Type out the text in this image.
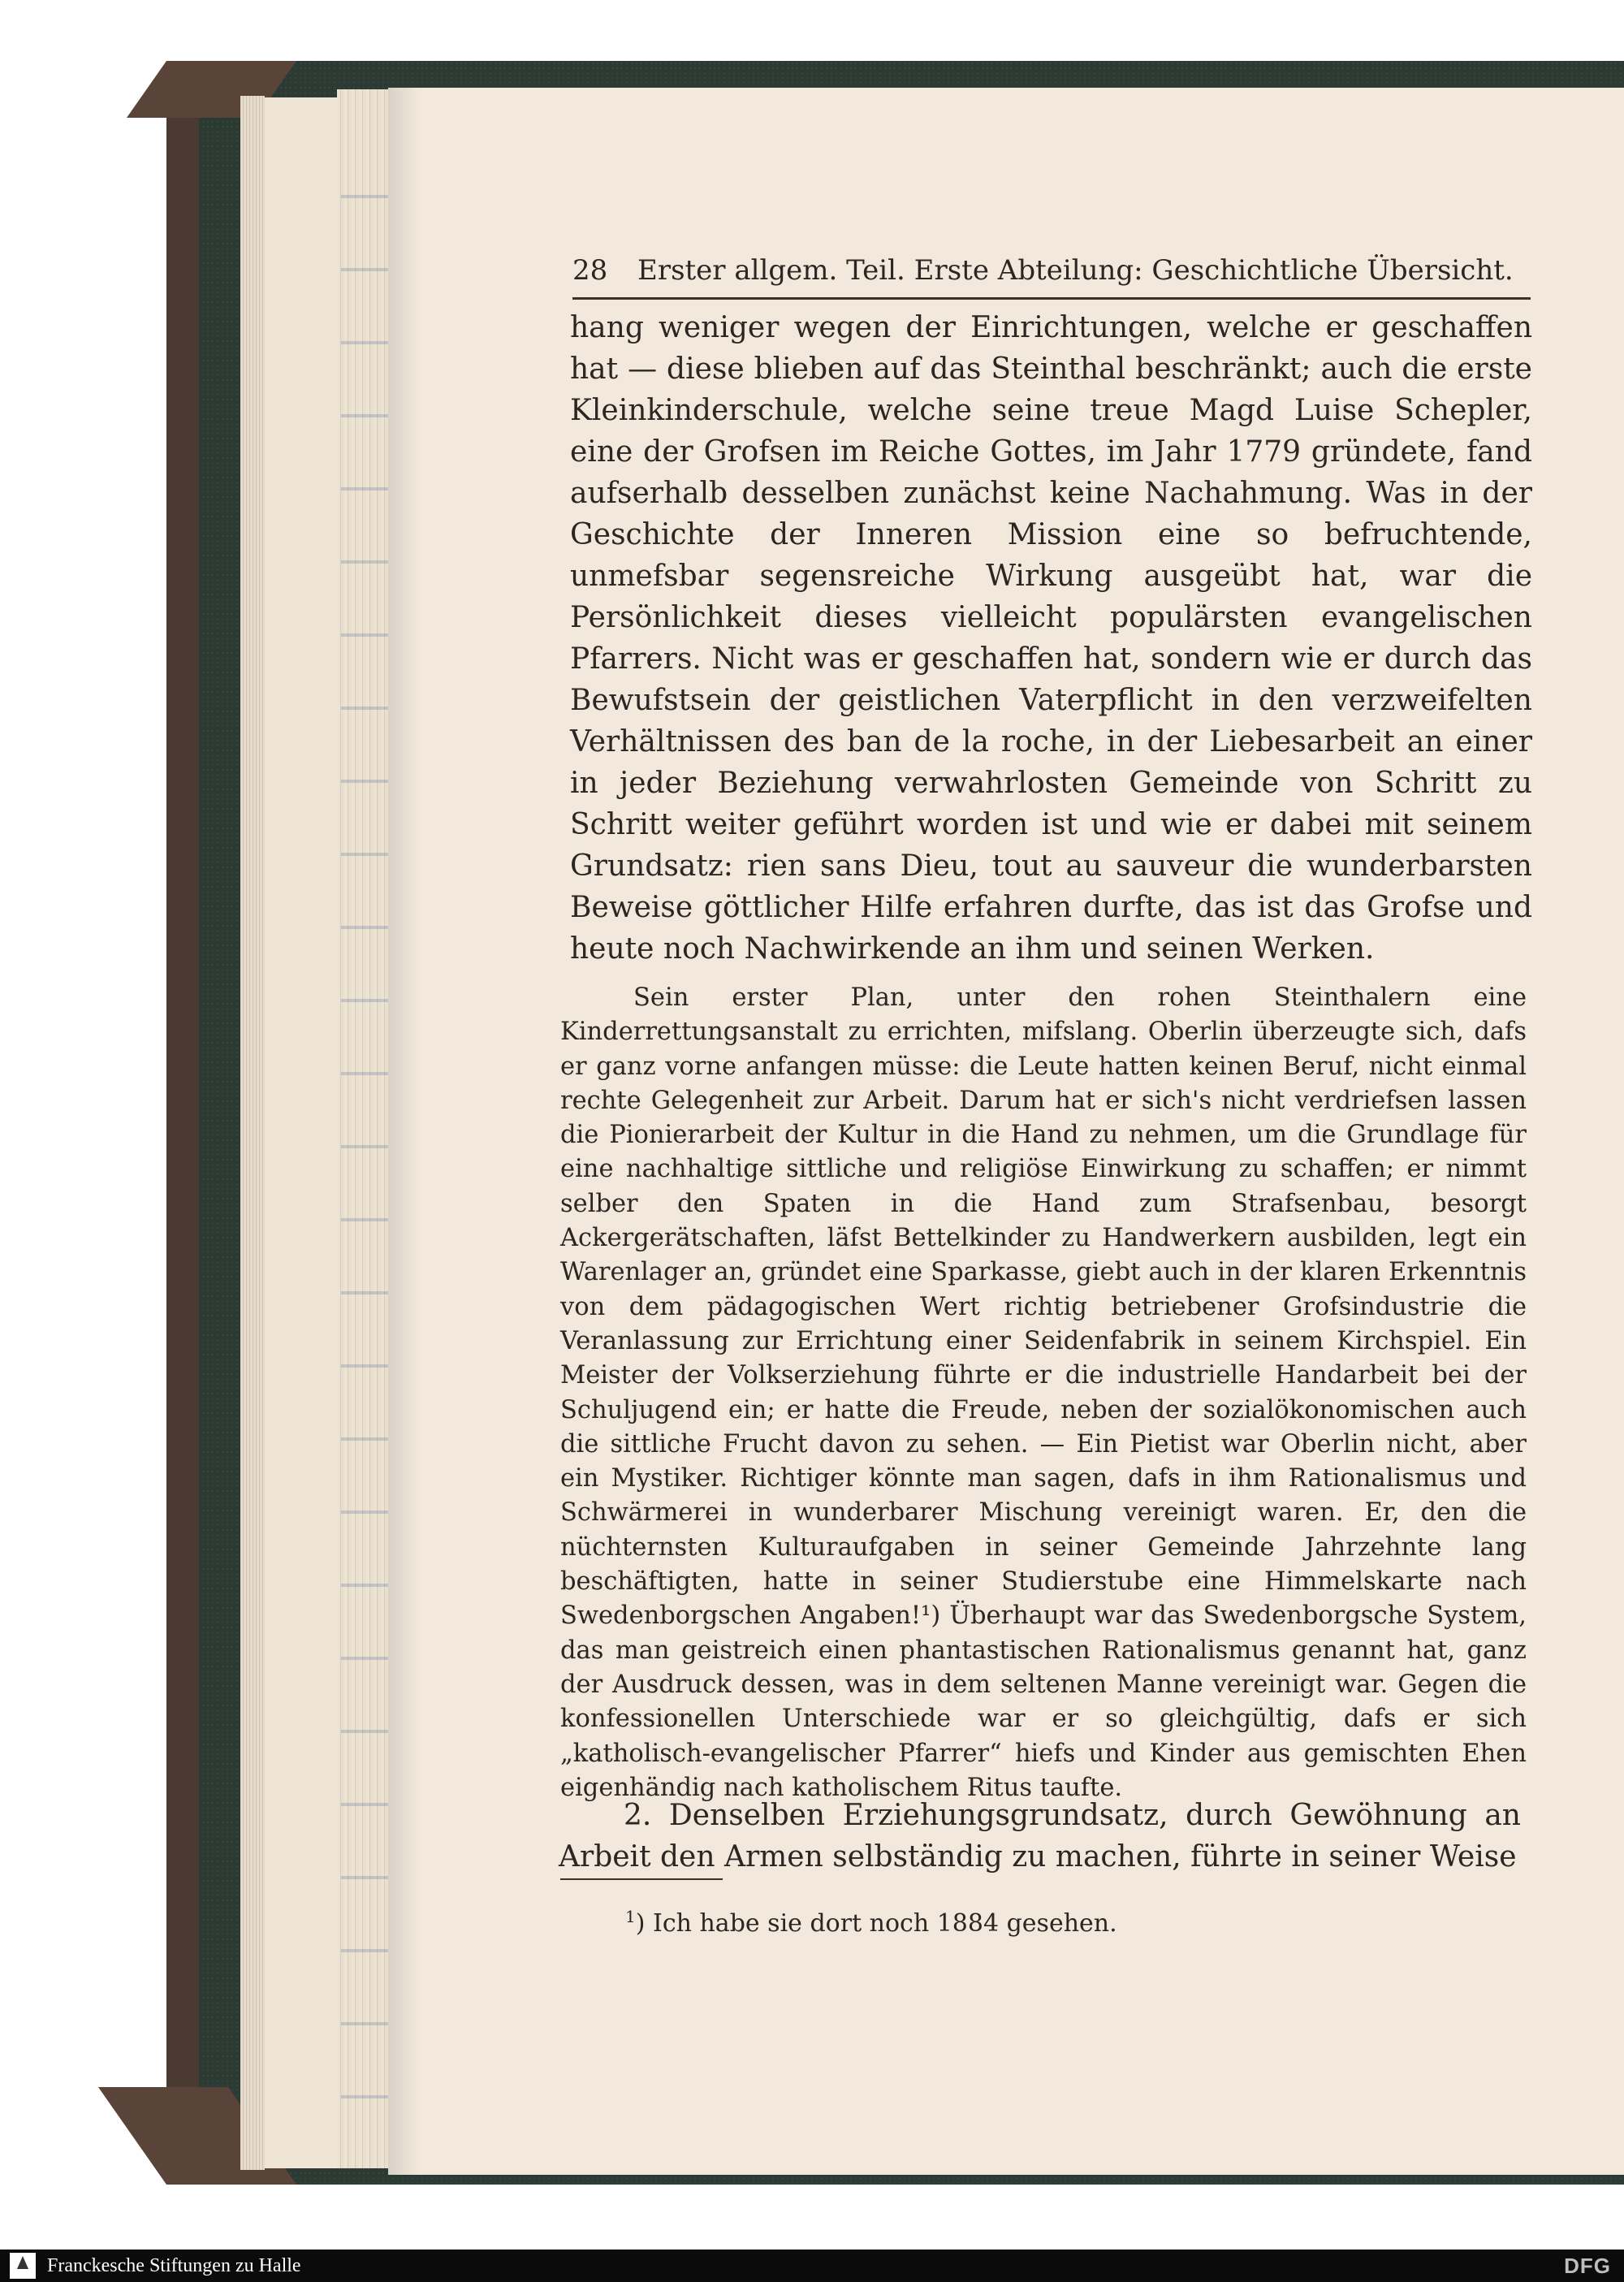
28 Erster allgem. Teil. Erste Abteilung: Geschichtliche Übersicht.

hang weniger wegen der Einrichtungen, welche er geschaffen hat — diese blieben auf das Steinthal beschränkt; auch die erste Kleinkinderschule, welche seine treue Magd Luise Schepler, eine der Grofsen im Reiche Gottes, im Jahr 1779 gründete, fand aufserhalb desselben zunächst keine Nachahmung. Was in der Geschichte der Inneren Mission eine so befruchtende, unmefsbar segensreiche Wirkung ausgeübt hat, war die Persönlichkeit dieses vielleicht populärsten evangelischen Pfarrers. Nicht was er geschaffen hat, sondern wie er durch das Bewufstsein der geistlichen Vaterpflicht in den verzweifelten Verhältnissen des ban de la roche, in der Liebesarbeit an einer in jeder Beziehung verwahrlosten Gemeinde von Schritt zu Schritt weiter geführt worden ist und wie er dabei mit seinem Grundsatz: rien sans Dieu, tout au sauveur die wunderbarsten Beweise göttlicher Hilfe erfahren durfte, das ist das Grofse und heute noch Nachwirkende an ihm und seinen Werken.

Sein erster Plan, unter den rohen Steinthalern eine Kinderrettungsanstalt zu errichten, mifslang. Oberlin überzeugte sich, dafs er ganz vorne anfangen müsse: die Leute hatten keinen Beruf, nicht einmal rechte Gelegenheit zur Arbeit. Darum hat er sich's nicht verdriefsen lassen die Pionierarbeit der Kultur in die Hand zu nehmen, um die Grundlage für eine nachhaltige sittliche und religiöse Einwirkung zu schaffen; er nimmt selber den Spaten in die Hand zum Strafsenbau, besorgt Ackergerätschaften, läfst Bettelkinder zu Handwerkern ausbilden, legt ein Warenlager an, gründet eine Sparkasse, giebt auch in der klaren Erkenntnis von dem pädagogischen Wert richtig betriebener Grofsindustrie die Veranlassung zur Errichtung einer Seidenfabrik in seinem Kirchspiel. Ein Meister der Volkserziehung führte er die industrielle Handarbeit bei der Schuljugend ein; er hatte die Freude, neben der sozialökonomischen auch die sittliche Frucht davon zu sehen. — Ein Pietist war Oberlin nicht, aber ein Mystiker. Richtiger könnte man sagen, dafs in ihm Rationalismus und Schwärmerei in wunderbarer Mischung vereinigt waren. Er, den die nüchternsten Kulturaufgaben in seiner Gemeinde Jahrzehnte lang beschäftigten, hatte in seiner Studierstube eine Himmelskarte nach Swedenborgschen Angaben!¹) Überhaupt war das Swedenborgsche System, das man geistreich einen phantastischen Rationalismus genannt hat, ganz der Ausdruck dessen, was in dem seltenen Manne vereinigt war. Gegen die konfessionellen Unterschiede war er so gleichgültig, dafs er sich „katholisch-evangelischer Pfarrer“ hiefs und Kinder aus gemischten Ehen eigenhändig nach katholischem Ritus taufte.

2. Denselben Erziehungsgrundsatz, durch Gewöhnung an Arbeit den Armen selbständig zu machen, führte in seiner Weise

$^1$) Ich habe sie dort noch 1884 gesehen.
Franckesche Stiftungen zu Halle	DFG
